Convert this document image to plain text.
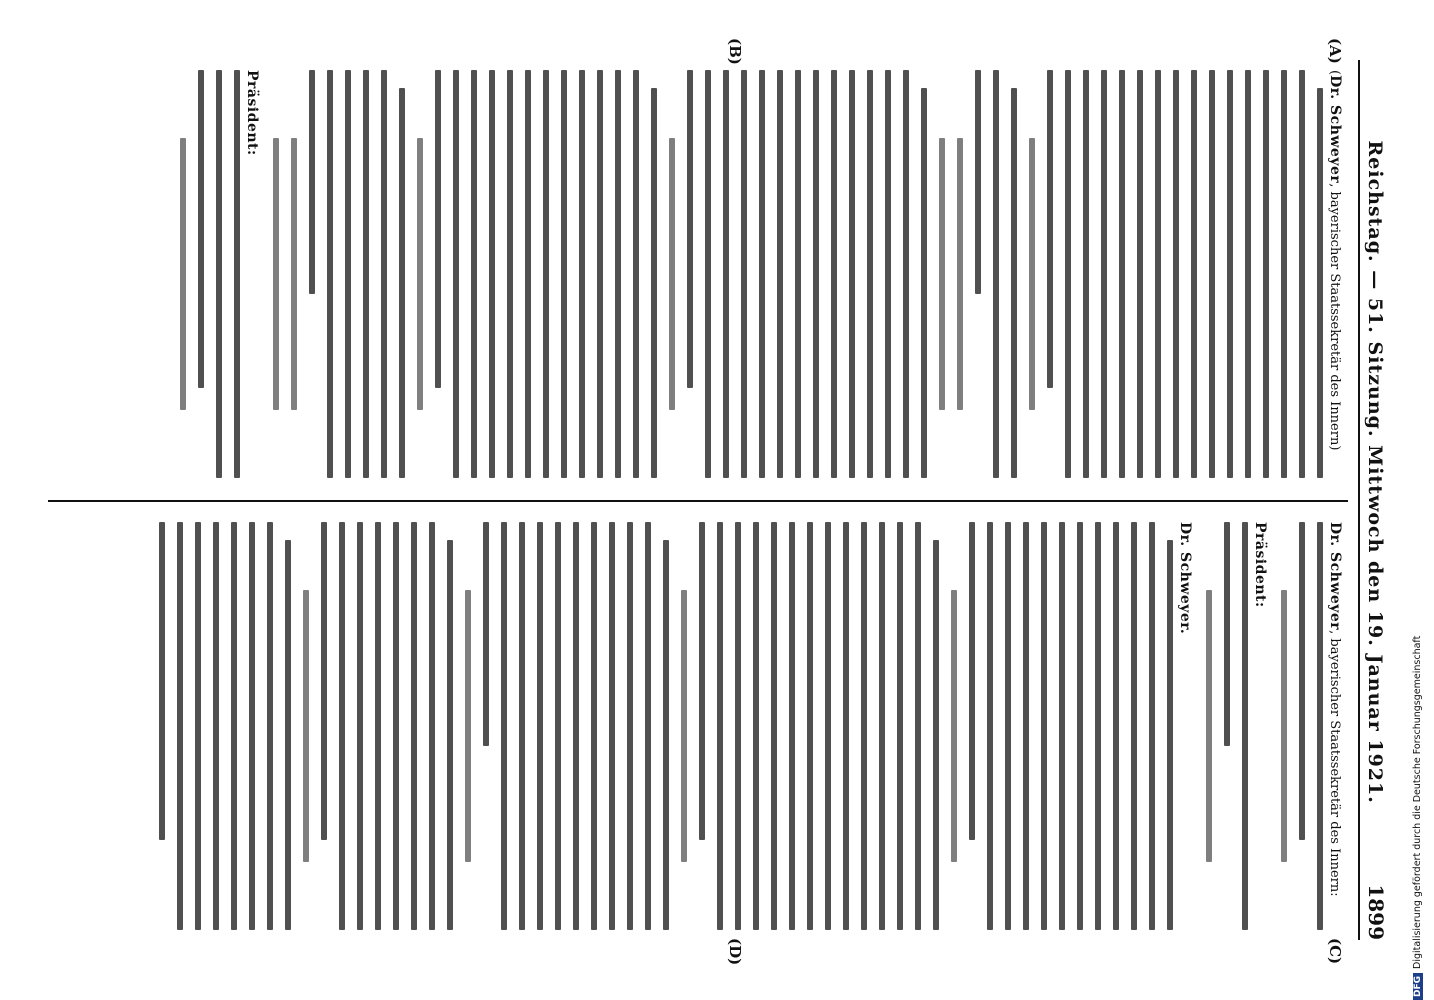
Reichstag. — 51. Sitzung. Mittwoch den 19. Januar 1921.
1899
(A)
(B)
(C)
(D)
(Dr. Schweyer, bayerischer Staatssekretär des Innern)
Präsident:
Dr. Schweyer, bayerischer Staatssekretär des Innern:
Präsident:
Dr. Schweyer.
DFGDigitalisierung gefördert durch die Deutsche Forschungsgemeinschaft
